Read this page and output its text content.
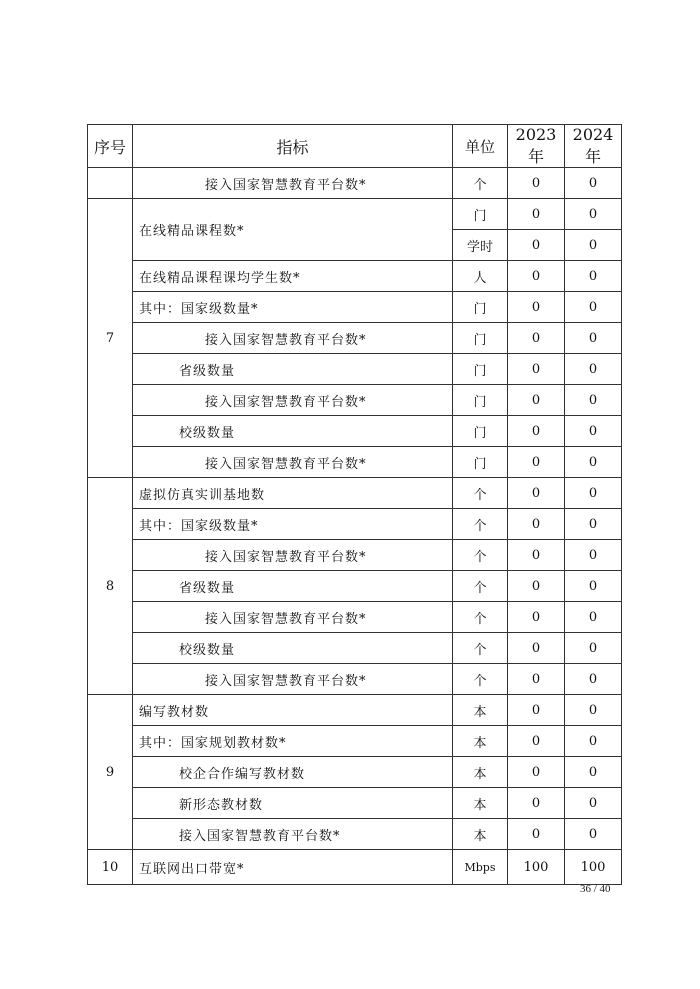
序号	指标	单位	2023 年	2024 年
	接入国家智慧教育平台数*	个	0	0
7	在线精品课程数*	门	0	0
		学时	0	0
	在线精品课程课均学生数*	人	0	0
	其中：国家级数量*	门	0	0
	接入国家智慧教育平台数*	门	0	0
	省级数量	门	0	0
	接入国家智慧教育平台数*	门	0	0
	校级数量	门	0	0
	接入国家智慧教育平台数*	门	0	0
8	虚拟仿真实训基地数	个	0	0
	其中：国家级数量*	个	0	0
	接入国家智慧教育平台数*	个	0	0
	省级数量	个	0	0
	接入国家智慧教育平台数*	个	0	0
	校级数量	个	0	0
	接入国家智慧教育平台数*	个	0	0
9	编写教材数	本	0	0
	其中：国家规划教材数*	本	0	0
	校企合作编写教材数	本	0	0
	新形态教材数	本	0	0
	接入国家智慧教育平台数*	本	0	0
10	互联网出口带宽*	Mbps	100	100
36 / 40
